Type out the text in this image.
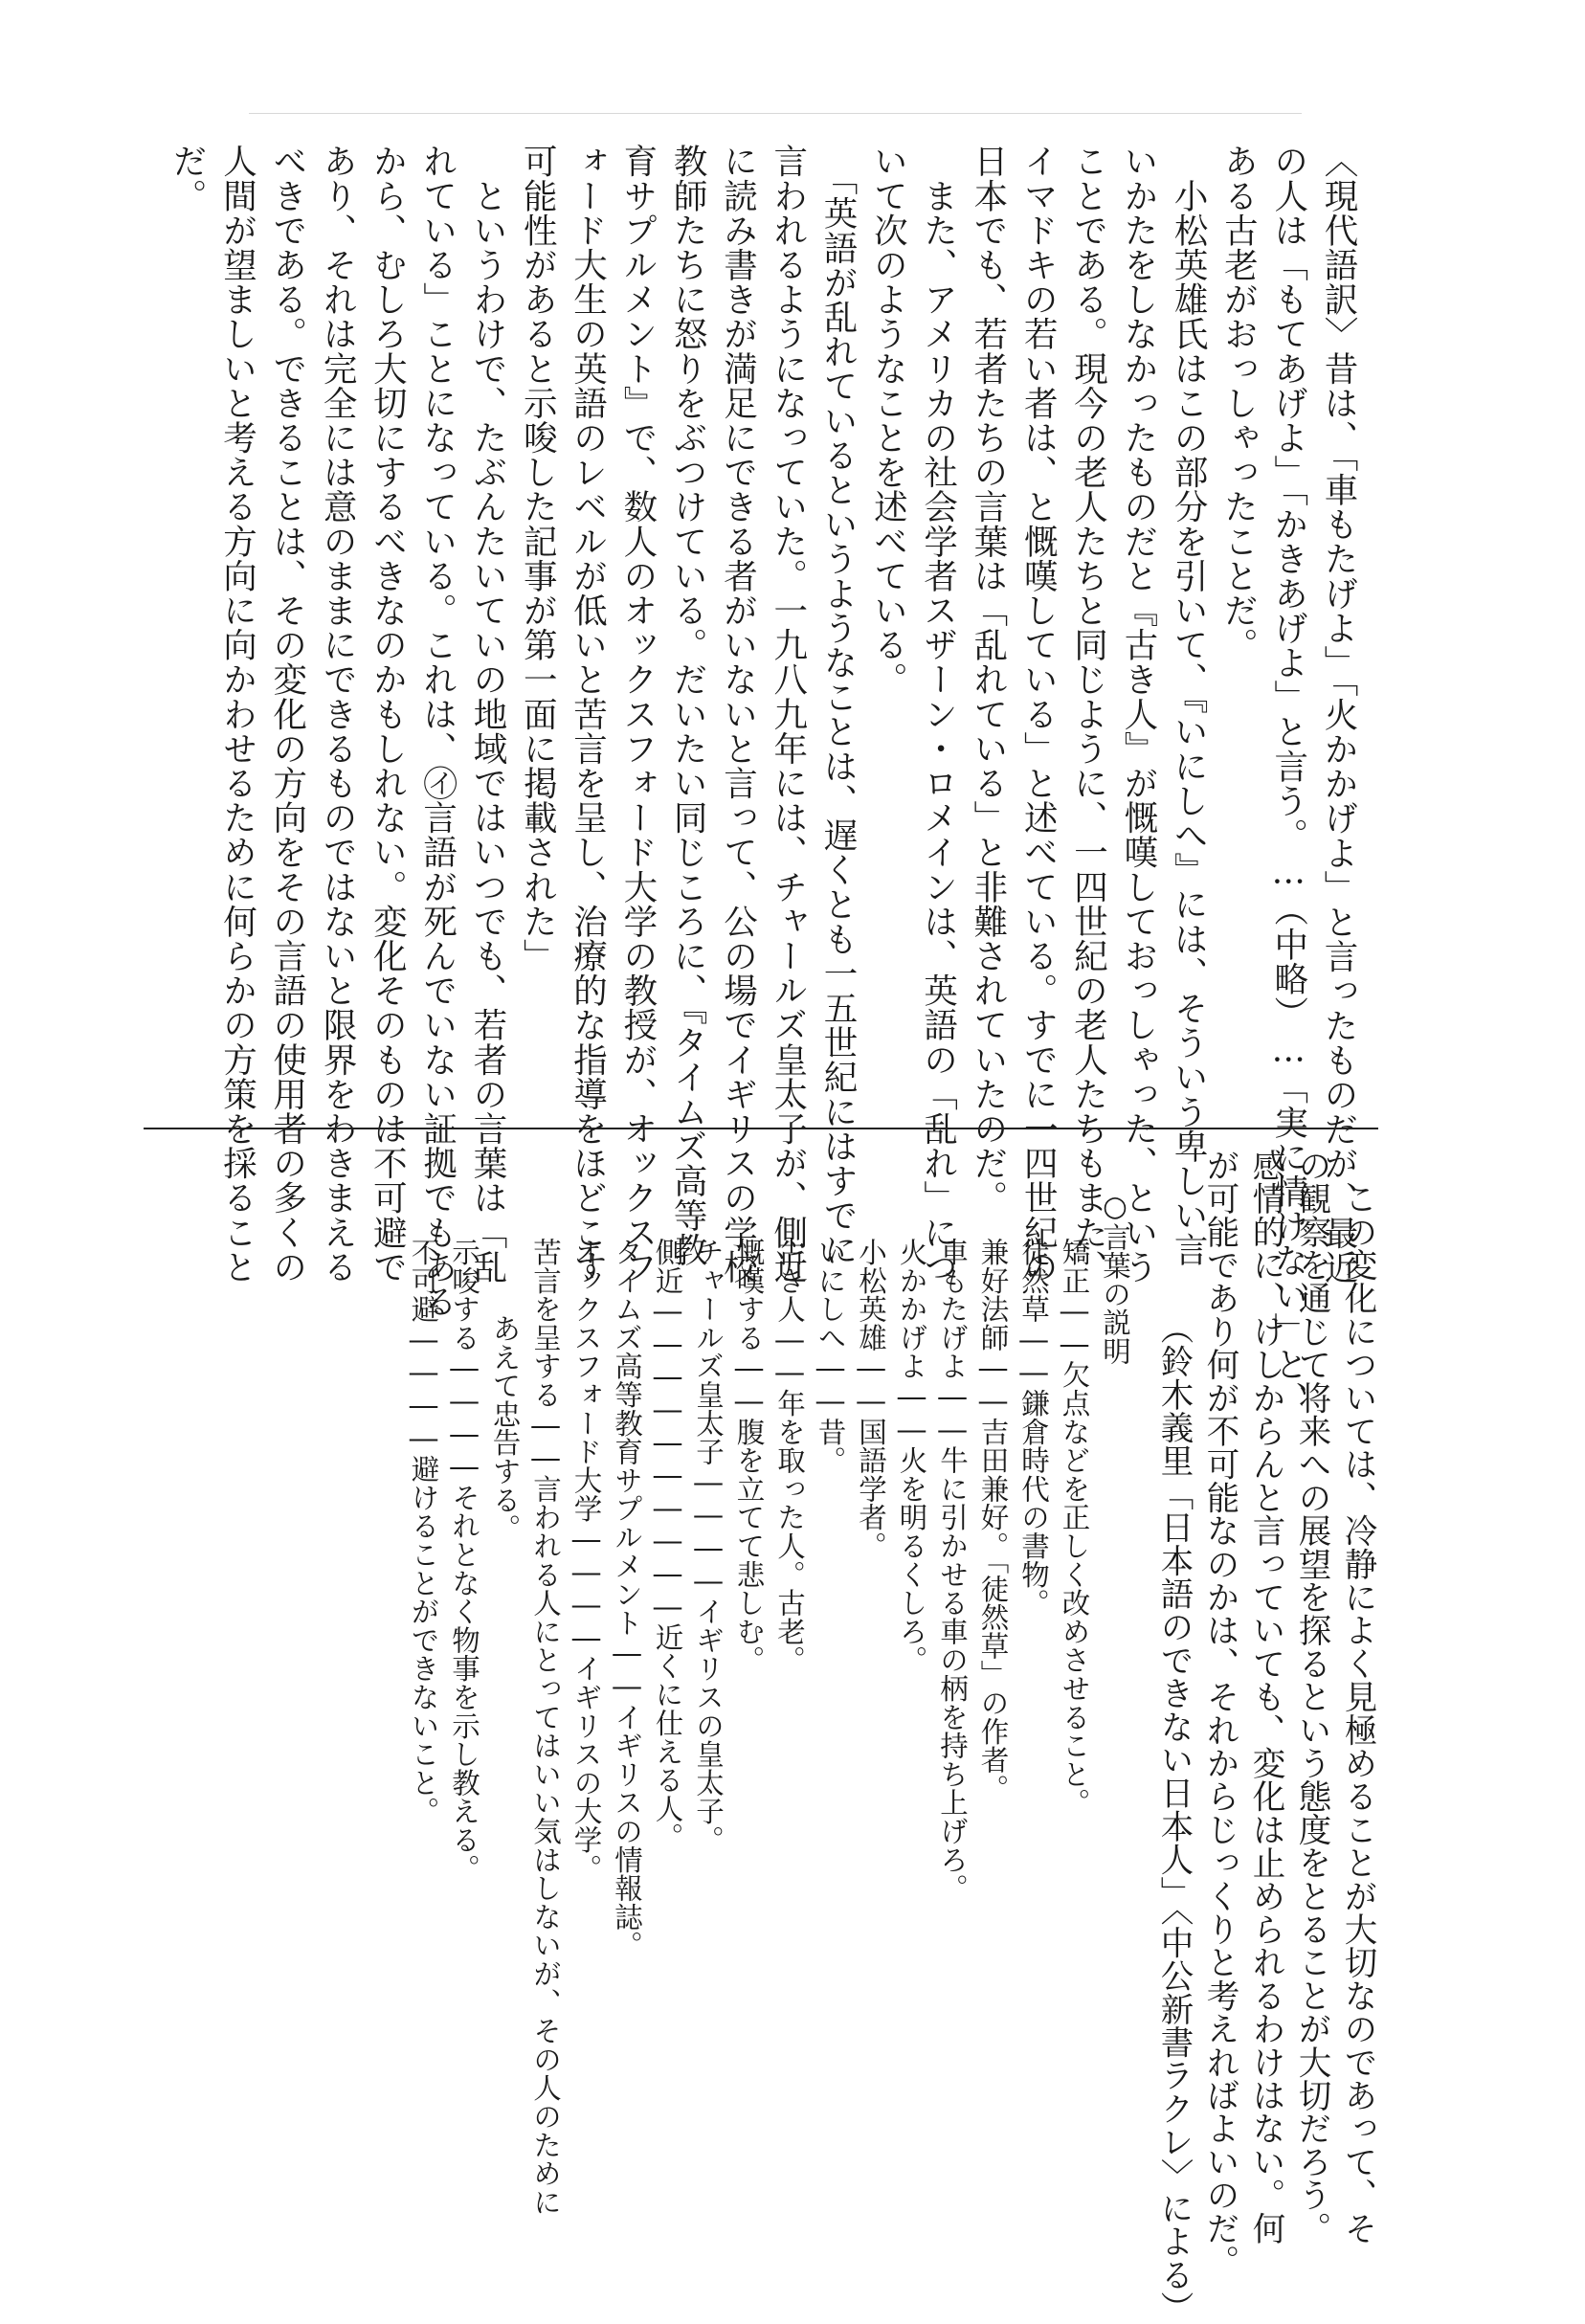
〈現代語訳〉昔は、「車もたげよ」「火かかげよ」と言ったものだが、最近
の人は「もてあげよ」「かきあげよ」と言う。…（中略）…「実に情けない」と、
ある古老がおっしゃったことだ。
　小松英雄氏はこの部分を引いて、『いにしへ』には、そういう卑しい言
いかたをしなかったものだと『古き人』が慨嘆しておっしゃった、という
ことである。現今の老人たちと同じように、一四世紀の老人たちもまた、
イマドキの若い者は、と慨嘆している」と述べている。すでに一四世紀の
日本でも、若者たちの言葉は「乱れている」と非難されていたのだ。
　また、アメリカの社会学者スザーン・ロメインは、英語の「乱れ」につ
いて次のようなことを述べている。
　「英語が乱れているというようなことは、遅くとも一五世紀にはすでに
言われるようになっていた。一九八九年には、チャールズ皇太子が、側近
に読み書きが満足にできる者がいないと言って、公の場でイギリスの学校
教師たちに怒りをぶつけている。だいたい同じころに、『タイムズ高等教
育サプルメント』で、数人のオックスフォード大学の教授が、オックスフ
ォード大生の英語のレベルが低いと苦言を呈し、治療的な指導をほどこす
可能性があると示唆した記事が第一面に掲載された」
　というわけで、たぶんたいていの地域ではいつでも、若者の言葉は「乱
れている」ことになっている。これは、㋑言語が死んでいない証拠でもある
から、むしろ大切にするべきなのかもしれない。変化そのものは不可避で
あり、それは完全には意のままにできるものではないと限界をわきまえる
べきである。できることは、その変化の方向をその言語の使用者の多くの
人間が望ましいと考える方向に向かわせるために何らかの方策を採ること
だ。
　この変化については、冷静によく見極めることが大切なのであって、そ
の観察を通じて将来への展望を探るという態度をとることが大切だろう。
感情的に、けしからんと言っていても、変化は止められるわけはない。何
が可能であり何が不可能なのかは、それからじっくりと考えればよいのだ。
（鈴木義里「日本語のできない日本人」〈中公新書ラクレ〉による）
○言葉の説明
矯正――欠点などを正しく改めさせること。
徒然草――鎌倉時代の書物。
兼好法師――吉田兼好。「徒然草」の作者。
車もたげよ――牛に引かせる車の柄を持ち上げろ。
火かかげよ――火を明るくしろ。
小松英雄――国語学者。
いにしへ――昔。
古き人――年を取った人。古老。
慨嘆する――腹を立てて悲しむ。
チャールズ皇太子――――イギリスの皇太子。
側近――――――――――近くに仕える人。
タイムズ高等教育サプルメント――イギリスの情報誌。
オックスフォード大学――――イギリスの大学。
苦言を呈する――言われる人にとってはいい気はしないが、その人のために
あえて忠告する。
示唆する――――それとなく物事を示し教える。
不可避――――避けることができないこと。
